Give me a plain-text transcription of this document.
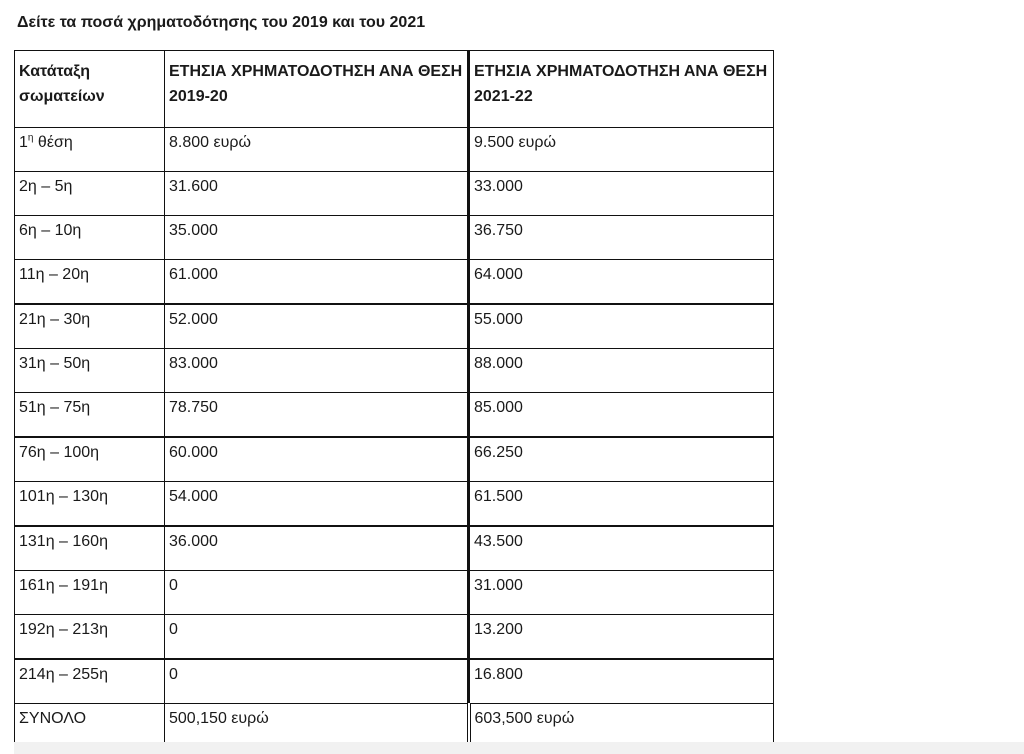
Δείτε τα ποσά χρηματοδότησης του 2019 και του 2021
Κατάταξη σωματείων	ΕΤΗΣΙΑ ΧΡΗΜΑΤΟΔΟΤΗΣΗ ΑΝΑ ΘΕΣΗ 2019-20	ΕΤΗΣΙΑ ΧΡΗΜΑΤΟΔΟΤΗΣΗ ΑΝΑ ΘΕΣΗ 2021-22
$1^\eta$ θέση	8.800 ευρώ	9.500 ευρώ
2η – 5η	31.600	33.000
6η – 10η	35.000	36.750
11η – 20η	61.000	64.000
21η – 30η	52.000	55.000
31η – 50η	83.000	88.000
51η – 75η	78.750	85.000
76η – 100η	60.000	66.250
101η – 130η	54.000	61.500
131η – 160η	36.000	43.500
161η – 191η	0	31.000
192η – 213η	0	13.200
214η – 255η	0	16.800
ΣΥΝΟΛΟ	500,150 ευρώ	603,500 ευρώ
